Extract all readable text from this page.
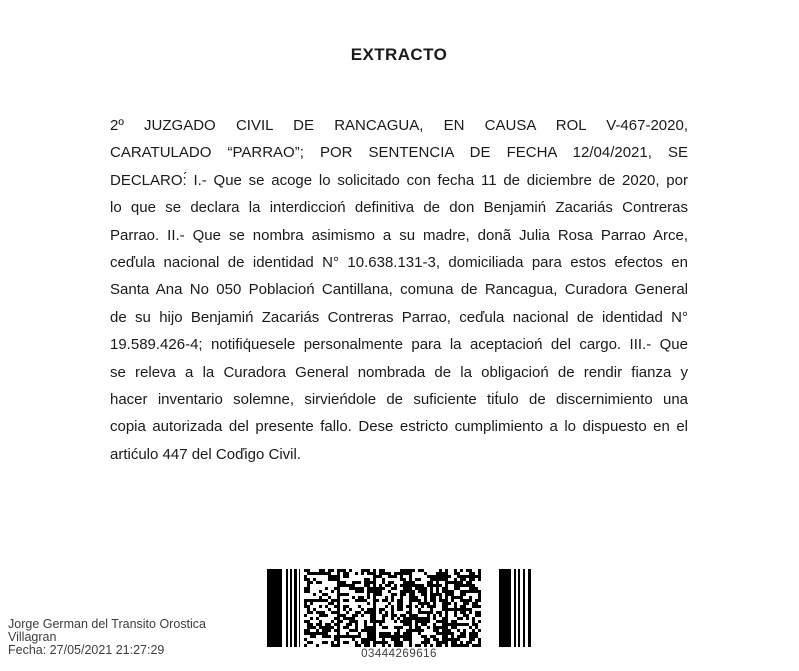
EXTRACTO
2º JUZGADO CIVIL DE RANCAGUA, EN CAUSA ROL V-467-2020,
CARATULADO “PARRAO”; POR SENTENCIA DE FECHA 12/04/2021, SE
DECLARO:́ I.- Que se acoge lo solicitado con fecha 11 de diciembre de 2020, por
lo que se declara la interdiccioń definitiva de don Benjamiń Zacariás Contreras
Parrao. II.- Que se nombra asimismo a su madre, donã Julia Rosa Parrao Arce,
ceďula nacional de identidad N° 10.638.131-3, domiciliada para estos efectos en
Santa Ana No 050 Poblacioń Cantillana, comuna de Rancagua, Curadora General
de su hijo Benjamiń Zacariás Contreras Parrao, ceďula nacional de identidad N°
19.589.426-4; notifiq́uesele personalmente para la aceptacioń del cargo. III.- Que
se releva a la Curadora General nombrada de la obligacioń de rendir fianza y
hacer inventario solemne, sirvieńdole de suficiente tit́ulo de discernimiento una
copia autorizada del presente fallo. Dese estricto cumplimiento a lo dispuesto en el
artićulo 447 del Coďigo Civil.
03444269616
Jorge German del Transito Orostica
Villagran
Fecha: 27/05/2021 21:27:29
